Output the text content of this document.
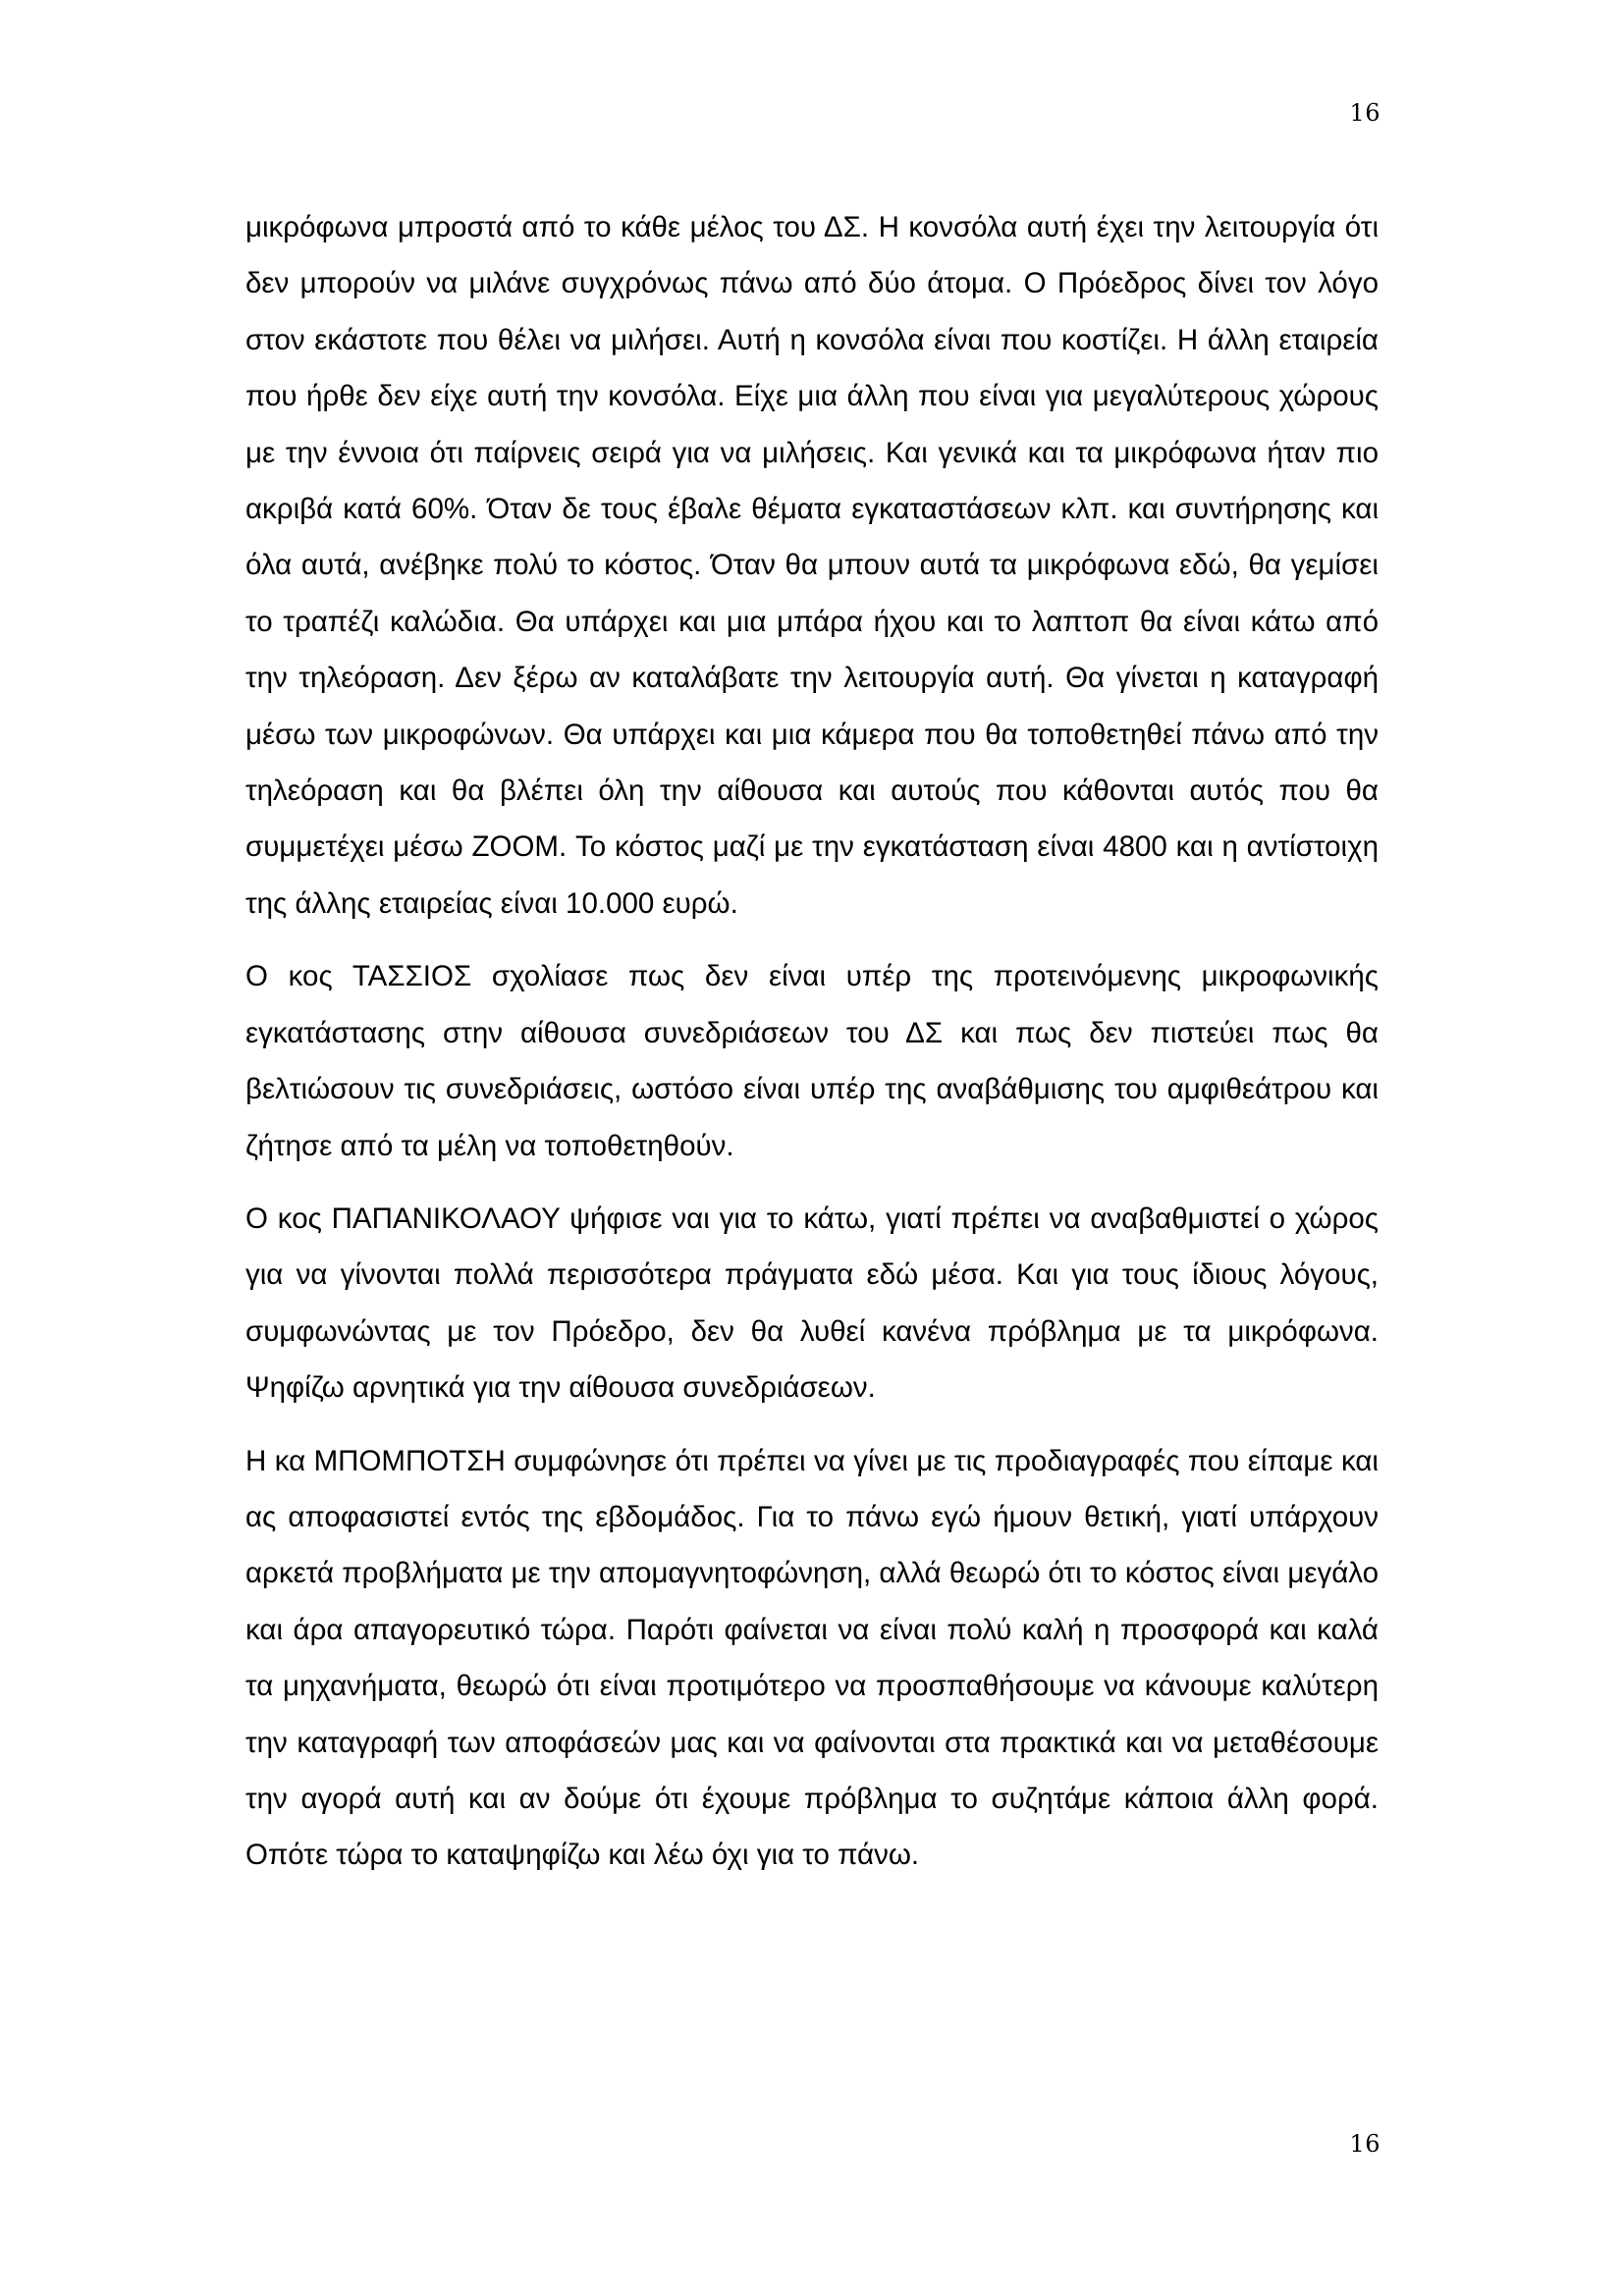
16

μικρόφωνα μπροστά από το κάθε μέλος του ΔΣ. Η κονσόλα αυτή έχει την λειτουργία ότι δεν μπορούν να μιλάνε συγχρόνως πάνω από δύο άτομα. Ο Πρόεδρος δίνει τον λόγο στον εκάστοτε που θέλει να μιλήσει. Αυτή η κονσόλα είναι που κοστίζει. Η άλλη εταιρεία που ήρθε δεν είχε αυτή την κονσόλα. Είχε μια άλλη που είναι για μεγαλύτερους χώρους με την έννοια ότι παίρνεις σειρά για να μιλήσεις. Και γενικά και τα μικρόφωνα ήταν πιο ακριβά κατά 60%. Όταν δε τους έβαλε θέματα εγκαταστάσεων κλπ. και συντήρησης και όλα αυτά, ανέβηκε πολύ το κόστος. Όταν θα μπουν αυτά τα μικρόφωνα εδώ, θα γεμίσει το τραπέζι καλώδια. Θα υπάρχει και μια μπάρα ήχου και το λαπτοπ θα είναι κάτω από την τηλεόραση. Δεν ξέρω αν καταλάβατε την λειτουργία αυτή. Θα γίνεται η καταγραφή μέσω των μικροφώνων. Θα υπάρχει και μια κάμερα που θα τοποθετηθεί πάνω από την τηλεόραση και θα βλέπει όλη την αίθουσα και αυτούς που κάθονται αυτός που θα συμμετέχει μέσω ZOOM. Το κόστος μαζί με την εγκατάσταση είναι 4800 και η αντίστοιχη της άλλης εταιρείας είναι 10.000 ευρώ.

Ο κος ΤΑΣΣΙΟΣ σχολίασε πως δεν είναι υπέρ της προτεινόμενης μικροφωνικής εγκατάστασης στην αίθουσα συνεδριάσεων του ΔΣ και πως δεν πιστεύει πως θα βελτιώσουν τις συνεδριάσεις, ωστόσο είναι υπέρ της αναβάθμισης του αμφιθεάτρου και ζήτησε από τα μέλη να τοποθετηθούν.

Ο κος ΠΑΠΑΝΙΚΟΛΑΟΥ ψήφισε ναι για το κάτω, γιατί πρέπει να αναβαθμιστεί ο χώρος για να γίνονται πολλά περισσότερα πράγματα εδώ μέσα. Και για τους ίδιους λόγους, συμφωνώντας με τον Πρόεδρο, δεν θα λυθεί κανένα πρόβλημα με τα μικρόφωνα. Ψηφίζω αρνητικά για την αίθουσα συνεδριάσεων.

Η κα ΜΠΟΜΠΟΤΣΗ συμφώνησε ότι πρέπει να γίνει με τις προδιαγραφές που είπαμε και ας αποφασιστεί εντός της εβδομάδος. Για το πάνω εγώ ήμουν θετική, γιατί υπάρχουν αρκετά προβλήματα με την απομαγνητοφώνηση, αλλά θεωρώ ότι το κόστος είναι μεγάλο και άρα απαγορευτικό τώρα. Παρότι φαίνεται να είναι πολύ καλή η προσφορά και καλά τα μηχανήματα, θεωρώ ότι είναι προτιμότερο να προσπαθήσουμε να κάνουμε καλύτερη την καταγραφή των αποφάσεών μας και να φαίνονται στα πρακτικά και να μεταθέσουμε την αγορά αυτή και αν δούμε ότι έχουμε πρόβλημα το συζητάμε κάποια άλλη φορά. Οπότε τώρα το καταψηφίζω και λέω όχι για το πάνω.

16
